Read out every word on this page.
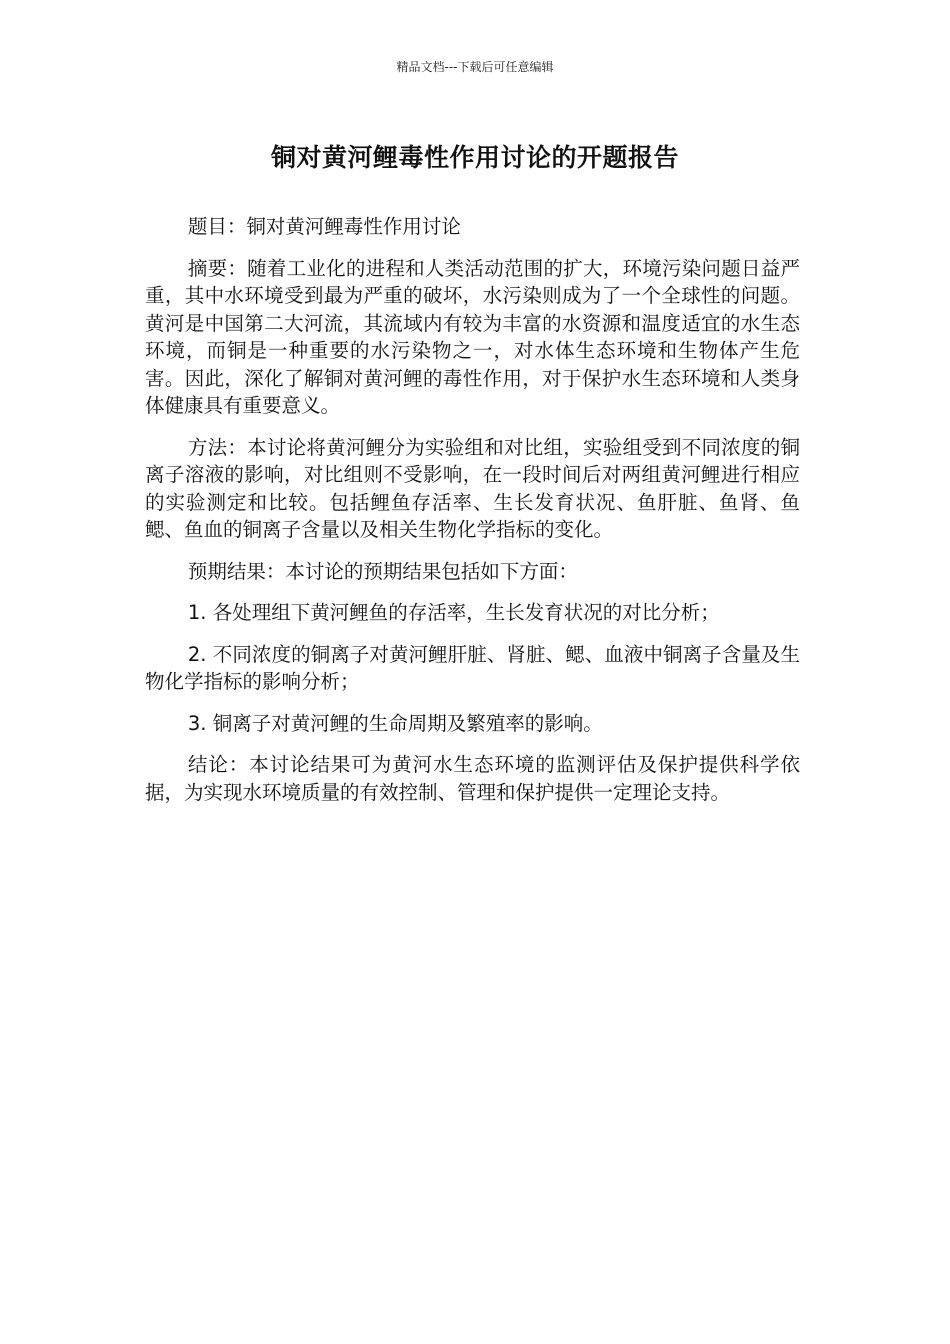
精品文档---下载后可任意编辑
铜对黄河鲤毒性作用讨论的开题报告

题目：铜对黄河鲤毒性作用讨论

摘要：随着工业化的进程和人类活动范围的扩大，环境污染问题日益严重，其中水环境受到最为严重的破坏，水污染则成为了一个全球性的问题。黄河是中国第二大河流，其流域内有较为丰富的水资源和温度适宜的水生态环境，而铜是一种重要的水污染物之一，对水体生态环境和生物体产生危害。因此，深化了解铜对黄河鲤的毒性作用，对于保护水生态环境和人类身体健康具有重要意义。

方法：本讨论将黄河鲤分为实验组和对比组，实验组受到不同浓度的铜离子溶液的影响，对比组则不受影响，在一段时间后对两组黄河鲤进行相应的实验测定和比较。包括鲤鱼存活率、生长发育状况、鱼肝脏、鱼肾、鱼鳃、鱼血的铜离子含量以及相关生物化学指标的变化。

预期结果：本讨论的预期结果包括如下方面：

1. 各处理组下黄河鲤鱼的存活率，生长发育状况的对比分析；

2. 不同浓度的铜离子对黄河鲤肝脏、肾脏、鳃、血液中铜离子含量及生物化学指标的影响分析；

3. 铜离子对黄河鲤的生命周期及繁殖率的影响。

结论：本讨论结果可为黄河水生态环境的监测评估及保护提供科学依据，为实现水环境质量的有效控制、管理和保护提供一定理论支持。
